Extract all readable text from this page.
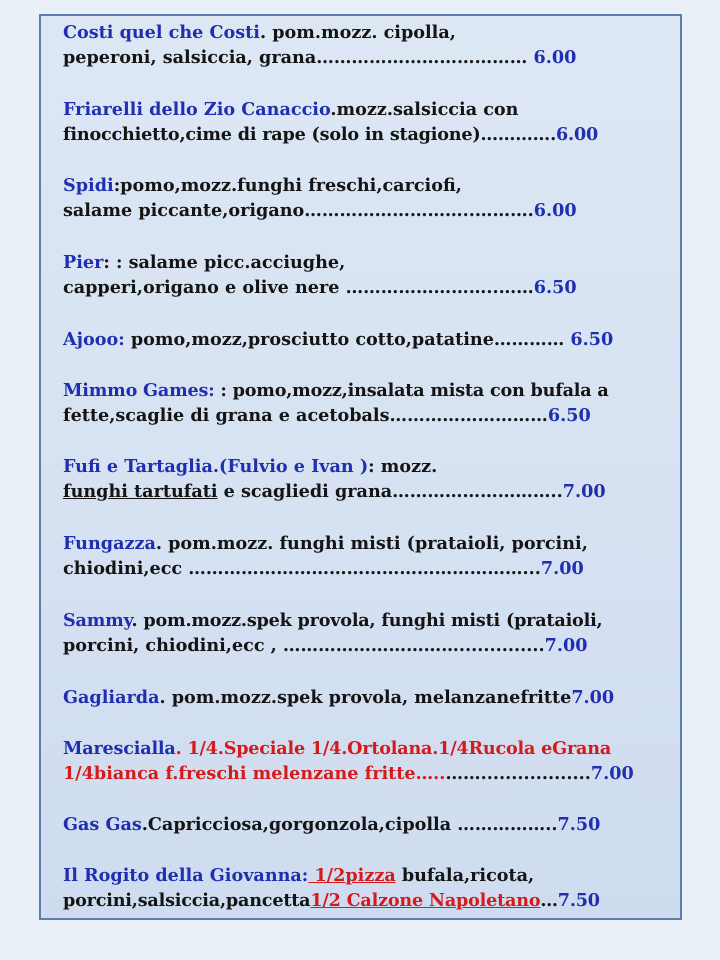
Costi quel che Costi. pom.mozz. cipolla,
peperoni, salsiccia, grana……………………………… 6.00
Friarelli dello Zio Canaccio.mozz.salsiccia con
finocchietto,cime di rape (solo in stagione)………….6.00
Spidi:pomo,mozz.funghi freschi,carciofi,
salame piccante,origano………………………..……….6.00
Pier: : salame picc.acciughe,
capperi,origano e olive nere ……………………..……6.50
Ajooo: pomo,mozz,prosciutto cotto,patatine………… 6.50
Mimmo Games: : pomo,mozz,insalata mista con bufala a
fette,scaglie di grana e acetobals………………………6.50
Fufi e Tartaglia.(Fulvio e Ivan ): mozz.
funghi tartufati e scagliedi grana………………………..7.00
Fungazza. pom.mozz. funghi misti (prataioli, porcini,
chiodini,ecc …………………………………………………...7.00
Sammy. pom.mozz.spek provola, funghi misti (prataioli,
porcini, chiodini,ecc , …………………………..............7.00
Gagliarda. pom.mozz.spek provola, melanzanefritte7.00
Marescialla. 1/4.Speciale 1/4.Ortolana.1/4Rucola eGrana
1/4bianca f.freschi melenzane fritte…..……..................7.00
Gas Gas.Capricciosa,gorgonzola,cipolla ……………..7.50
Il Rogito della Giovanna: 1/2pizza bufala,ricota,
porcini,salsiccia,pancetta1/2 Calzone Napoletano…7.50
